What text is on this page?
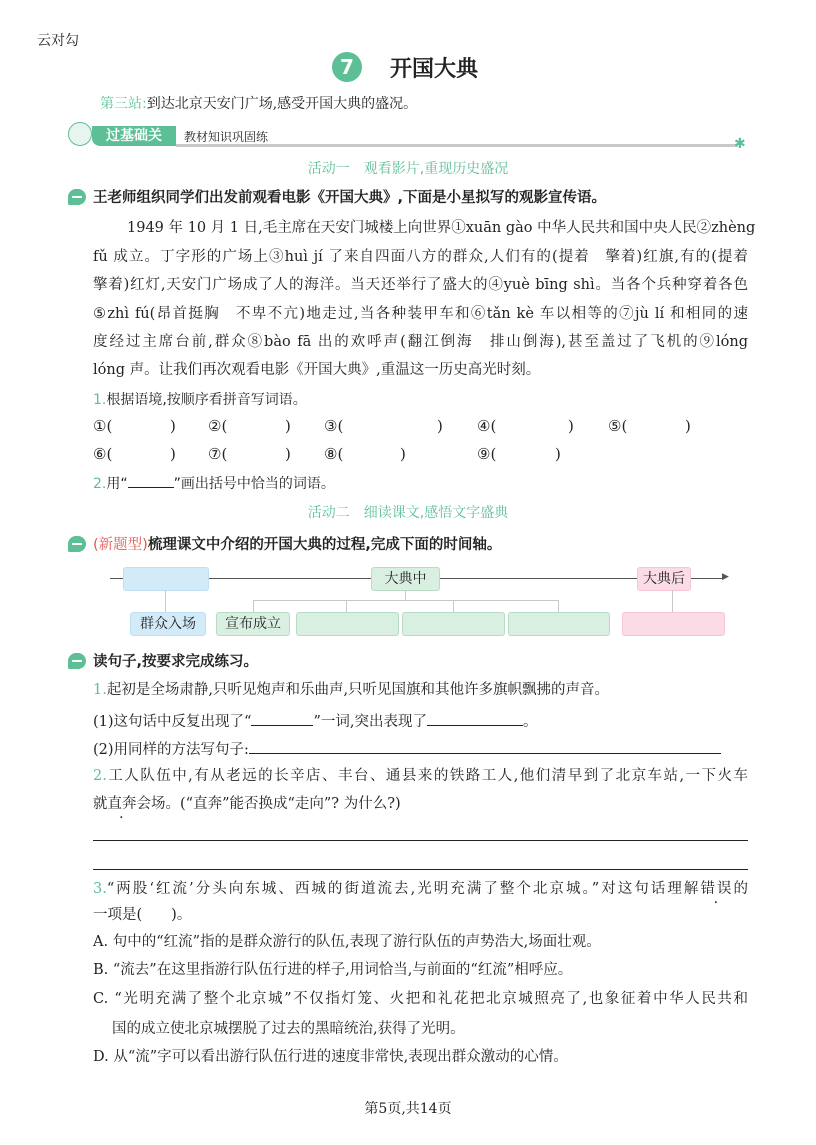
云对勾
7	开国大典
第三站:到达北京天安门广场,感受开国大典的盛况。
过基础关	教材知识巩固练	✱
活动一　观看影片,重现历史盛况
王老师组织同学们出发前观看电影《开国大典》,下面是小星拟写的观影宣传语。
1949 年 10 月 1 日,毛主席在天安门城楼上向世界①xuān gào 中华人民共和国中央人民②zhèng
fǔ 成立。丁字形的广场上③huì jí 了来自四面八方的群众,人们有的(提着　擎着)红旗,有的(提着
擎着)红灯,天安门广场成了人的海洋。当天还举行了盛大的④yuè bīng shì。当各个兵种穿着各色
⑤zhì fú(昂首挺胸　不卑不亢)地走过,当各种装甲车和⑥tǎn kè 车以相等的⑦jù lí 和相同的速
度经过主席台前,群众⑧bào fā 出的欢呼声(翻江倒海　排山倒海),甚至盖过了飞机的⑨lóng
lóng 声。让我们再次观看电影《开国大典》,重温这一历史高光时刻。
1.根据语境,按顺序看拼音写词语。
①(	) ②(	) ③(	) ④(	) ⑤(	)
⑥(	) ⑦(	) ⑧(	)	⑨(	)
2.用“	”画出括号中恰当的词语。
活动二　细读课文,感悟文字盛典
(新题型)梳理课文中介绍的开国大典的过程,完成下面的时间轴。
▶
大典中	大典后
群众入场	宣布成立
读句子,按要求完成练习。
1.起初是全场肃静,只听见炮声和乐曲声,只听见国旗和其他许多旗帜飘拂的声音。
(1)这句话中反复出现了“	”一词,突出表现了	。
(2)用同样的方法写句子:
2.工人队伍中,有从老远的长辛店、丰台、通县来的铁路工人,他们清早到了北京车站,一下火车
就直奔会场。(“直奔”能否换成“走向”? 为什么?)
3.“两股‘红流’分头向东城、西城的街道流去,光明充满了整个北京城。”对这句话理解错误的
一项是(　　)。
A. 句中的“红流”指的是群众游行的队伍,表现了游行队伍的声势浩大,场面壮观。
B. “流去”在这里指游行队伍行进的样子,用词恰当,与前面的“红流”相呼应。
C. “光明充满了整个北京城”不仅指灯笼、火把和礼花把北京城照亮了,也象征着中华人民共和
国的成立使北京城摆脱了过去的黑暗统治,获得了光明。
D. 从“流”字可以看出游行队伍行进的速度非常快,表现出群众激动的心情。
第5页,共14页
